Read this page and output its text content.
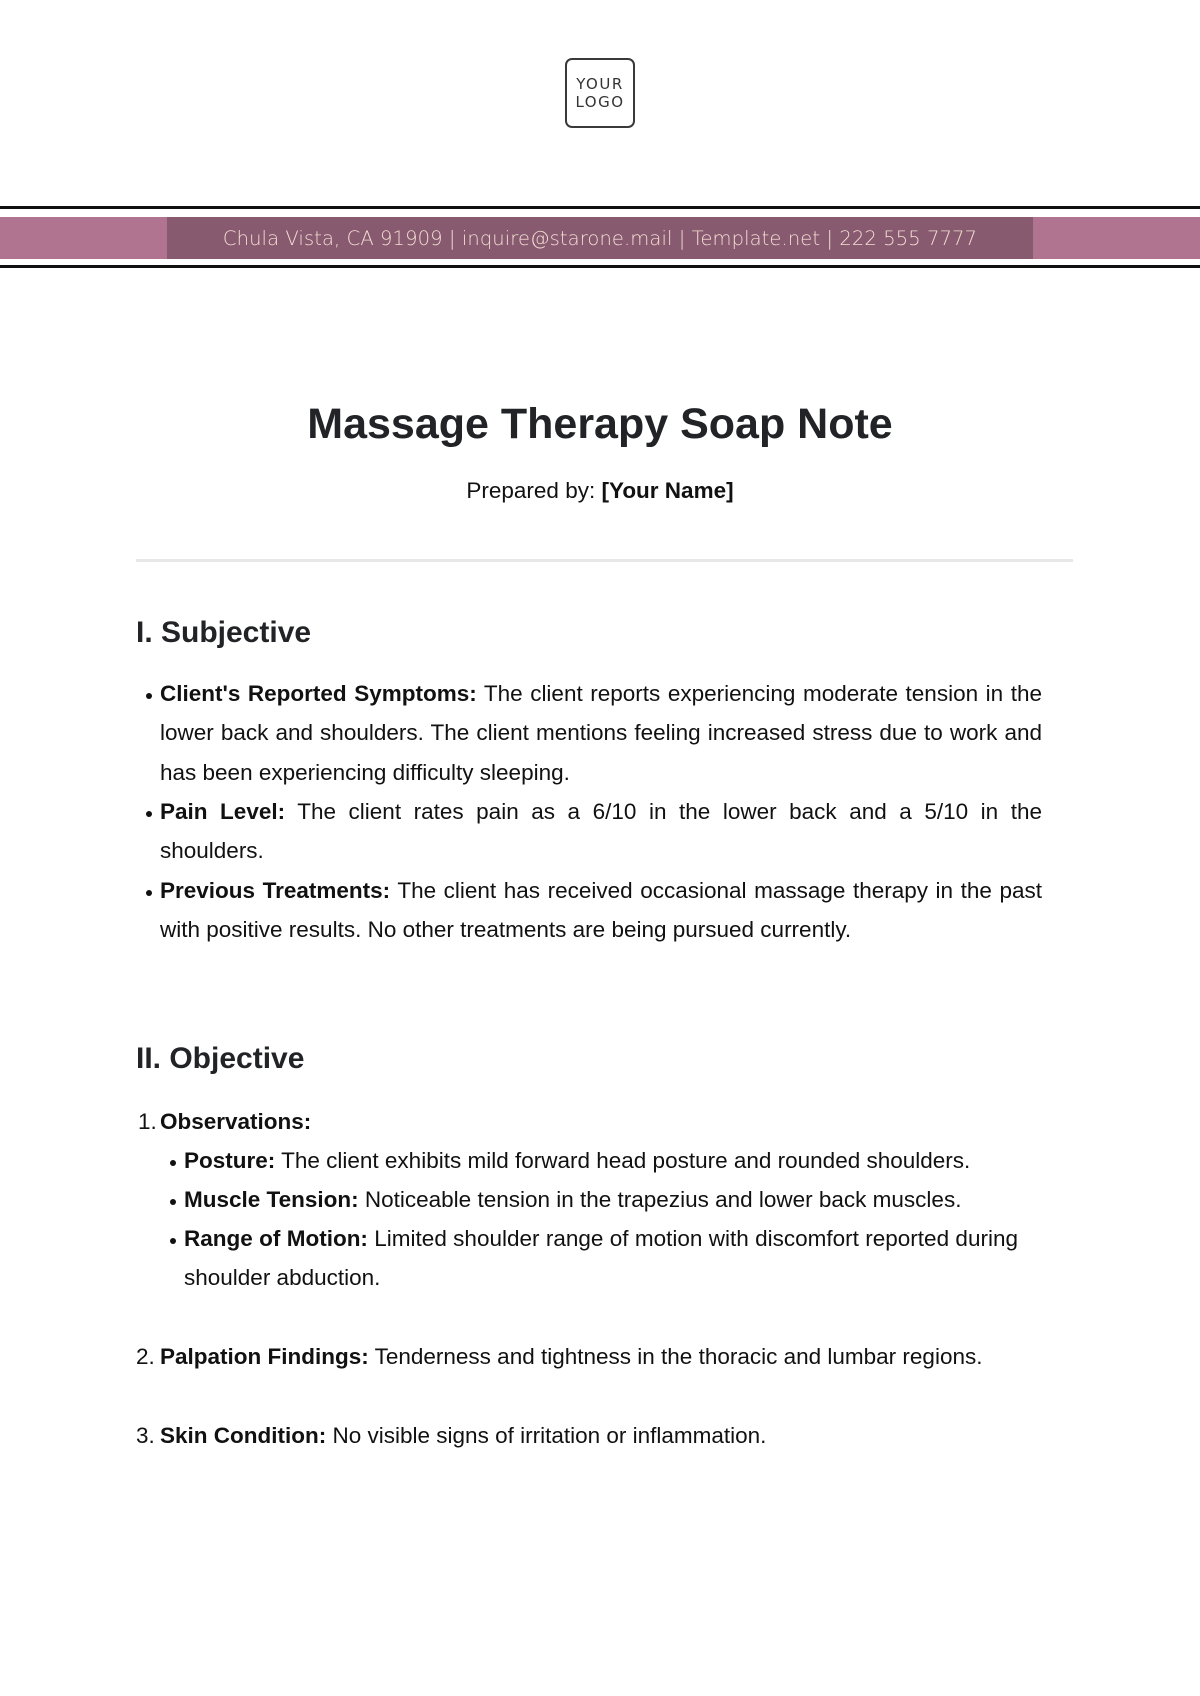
YOUR
LOGO
Chula Vista, CA 91909 | inquire@starone.mail | Template.net | 222 555 7777
Massage Therapy Soap Note
Prepared by: [Your Name]
I. Subjective
Client's Reported Symptoms: The client reports experiencing moderate tension in the lower back and shoulders. The client mentions feeling increased stress due to work and has been experiencing difficulty sleeping.
Pain Level: The client rates pain as a 6/10 in the lower back and a 5/10 in the shoulders.
Previous Treatments: The client has received occasional massage therapy in the past with positive results. No other treatments are being pursued currently.
II. Objective
1. Observations:
Posture: The client exhibits mild forward head posture and rounded shoulders.
Muscle Tension: Noticeable tension in the trapezius and lower back muscles.
Range of Motion: Limited shoulder range of motion with discomfort reported during shoulder abduction.
2. Palpation Findings: Tenderness and tightness in the thoracic and lumbar regions.
3. Skin Condition: No visible signs of irritation or inflammation.
